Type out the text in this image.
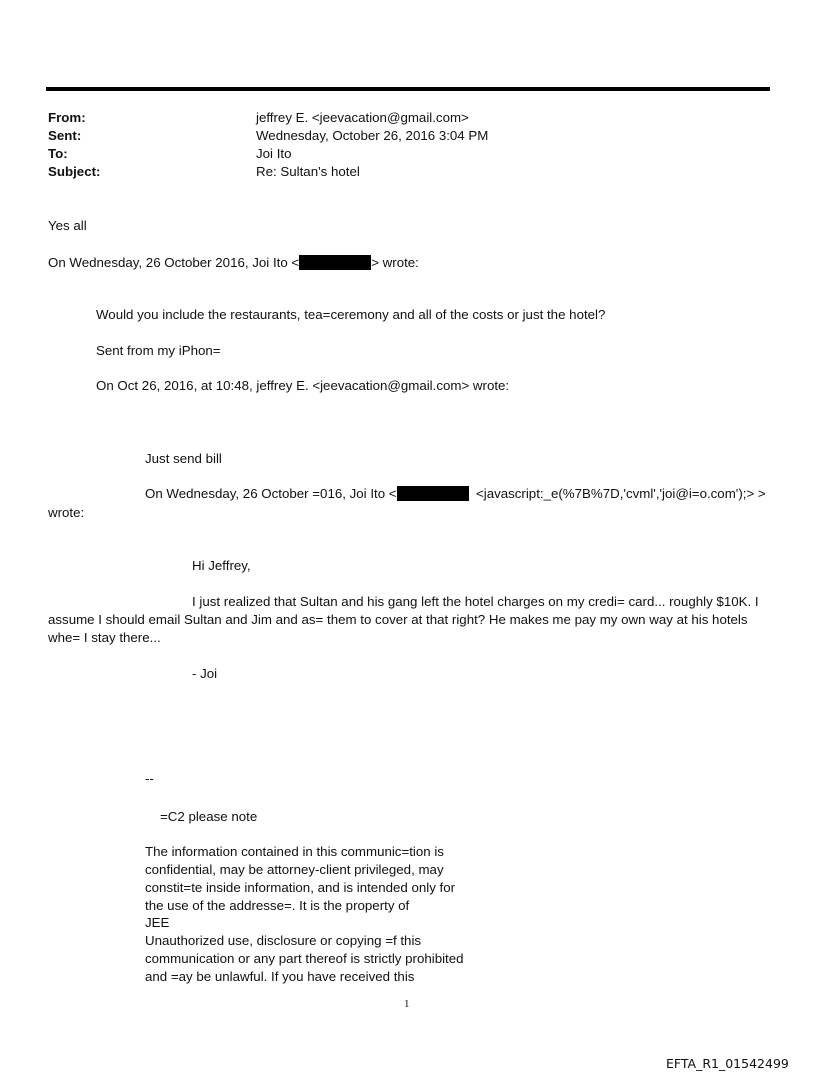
From:	jeffrey E. <jeevacation@gmail.com>
Sent:	Wednesday, October 26, 2016 3:04 PM
To:	Joi Ito
Subject:	Re: Sultan's hotel
Yes all
On Wednesday, 26 October 2016, Joi Ito <	> wrote:
Would you include the restaurants, tea=ceremony and all of the costs or just the hotel?
Sent from my iPhon=
On Oct 26, 2016, at 10:48, jeffrey E. <jeevacation@gmail.com> wrote:
Just send bill
On Wednesday, 26 October =016, Joi Ito <	<javascript:_e(%7B%7D,'cvml','joi@i=o.com');> >
wrote:
Hi Jeffrey,
I just realized that Sultan and his gang left the hotel charges on my credi= card... roughly $10K. I
assume I should email Sultan and Jim and as= them to cover at that right? He makes me pay my own way at his hotels
whe= I stay there...
- Joi
--
=C2 please note
The information contained in this communic=tion is
confidential, may be attorney-client privileged, may
constit=te inside information, and is intended only for
the use of the addresse=. It is the property of
JEE
Unauthorized use, disclosure or copying =f this
communication or any part thereof is strictly prohibited
and =ay be unlawful. If you have received this
1
EFTA_R1_01542499
